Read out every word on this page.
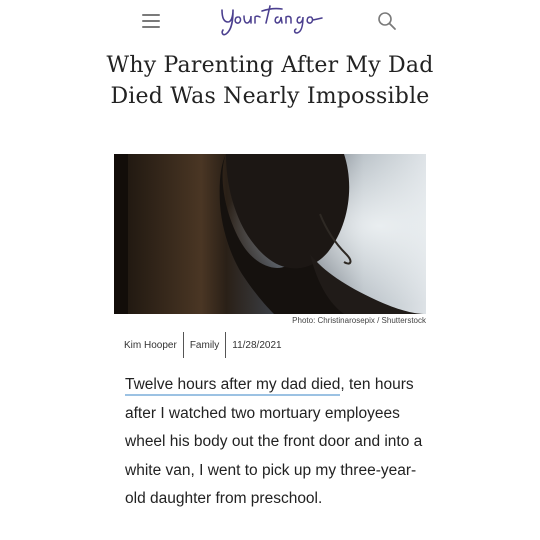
Why Parenting After My Dad Died Was Nearly Impossible
Photo: Christinarosepix / Shutterstock
Kim Hooper Family 11/28/2021

Twelve hours after my dad died, ten hours after I watched two mortuary employees wheel his body out the front door and into a white van, I went to pick up my three-year-old daughter from preschool.
